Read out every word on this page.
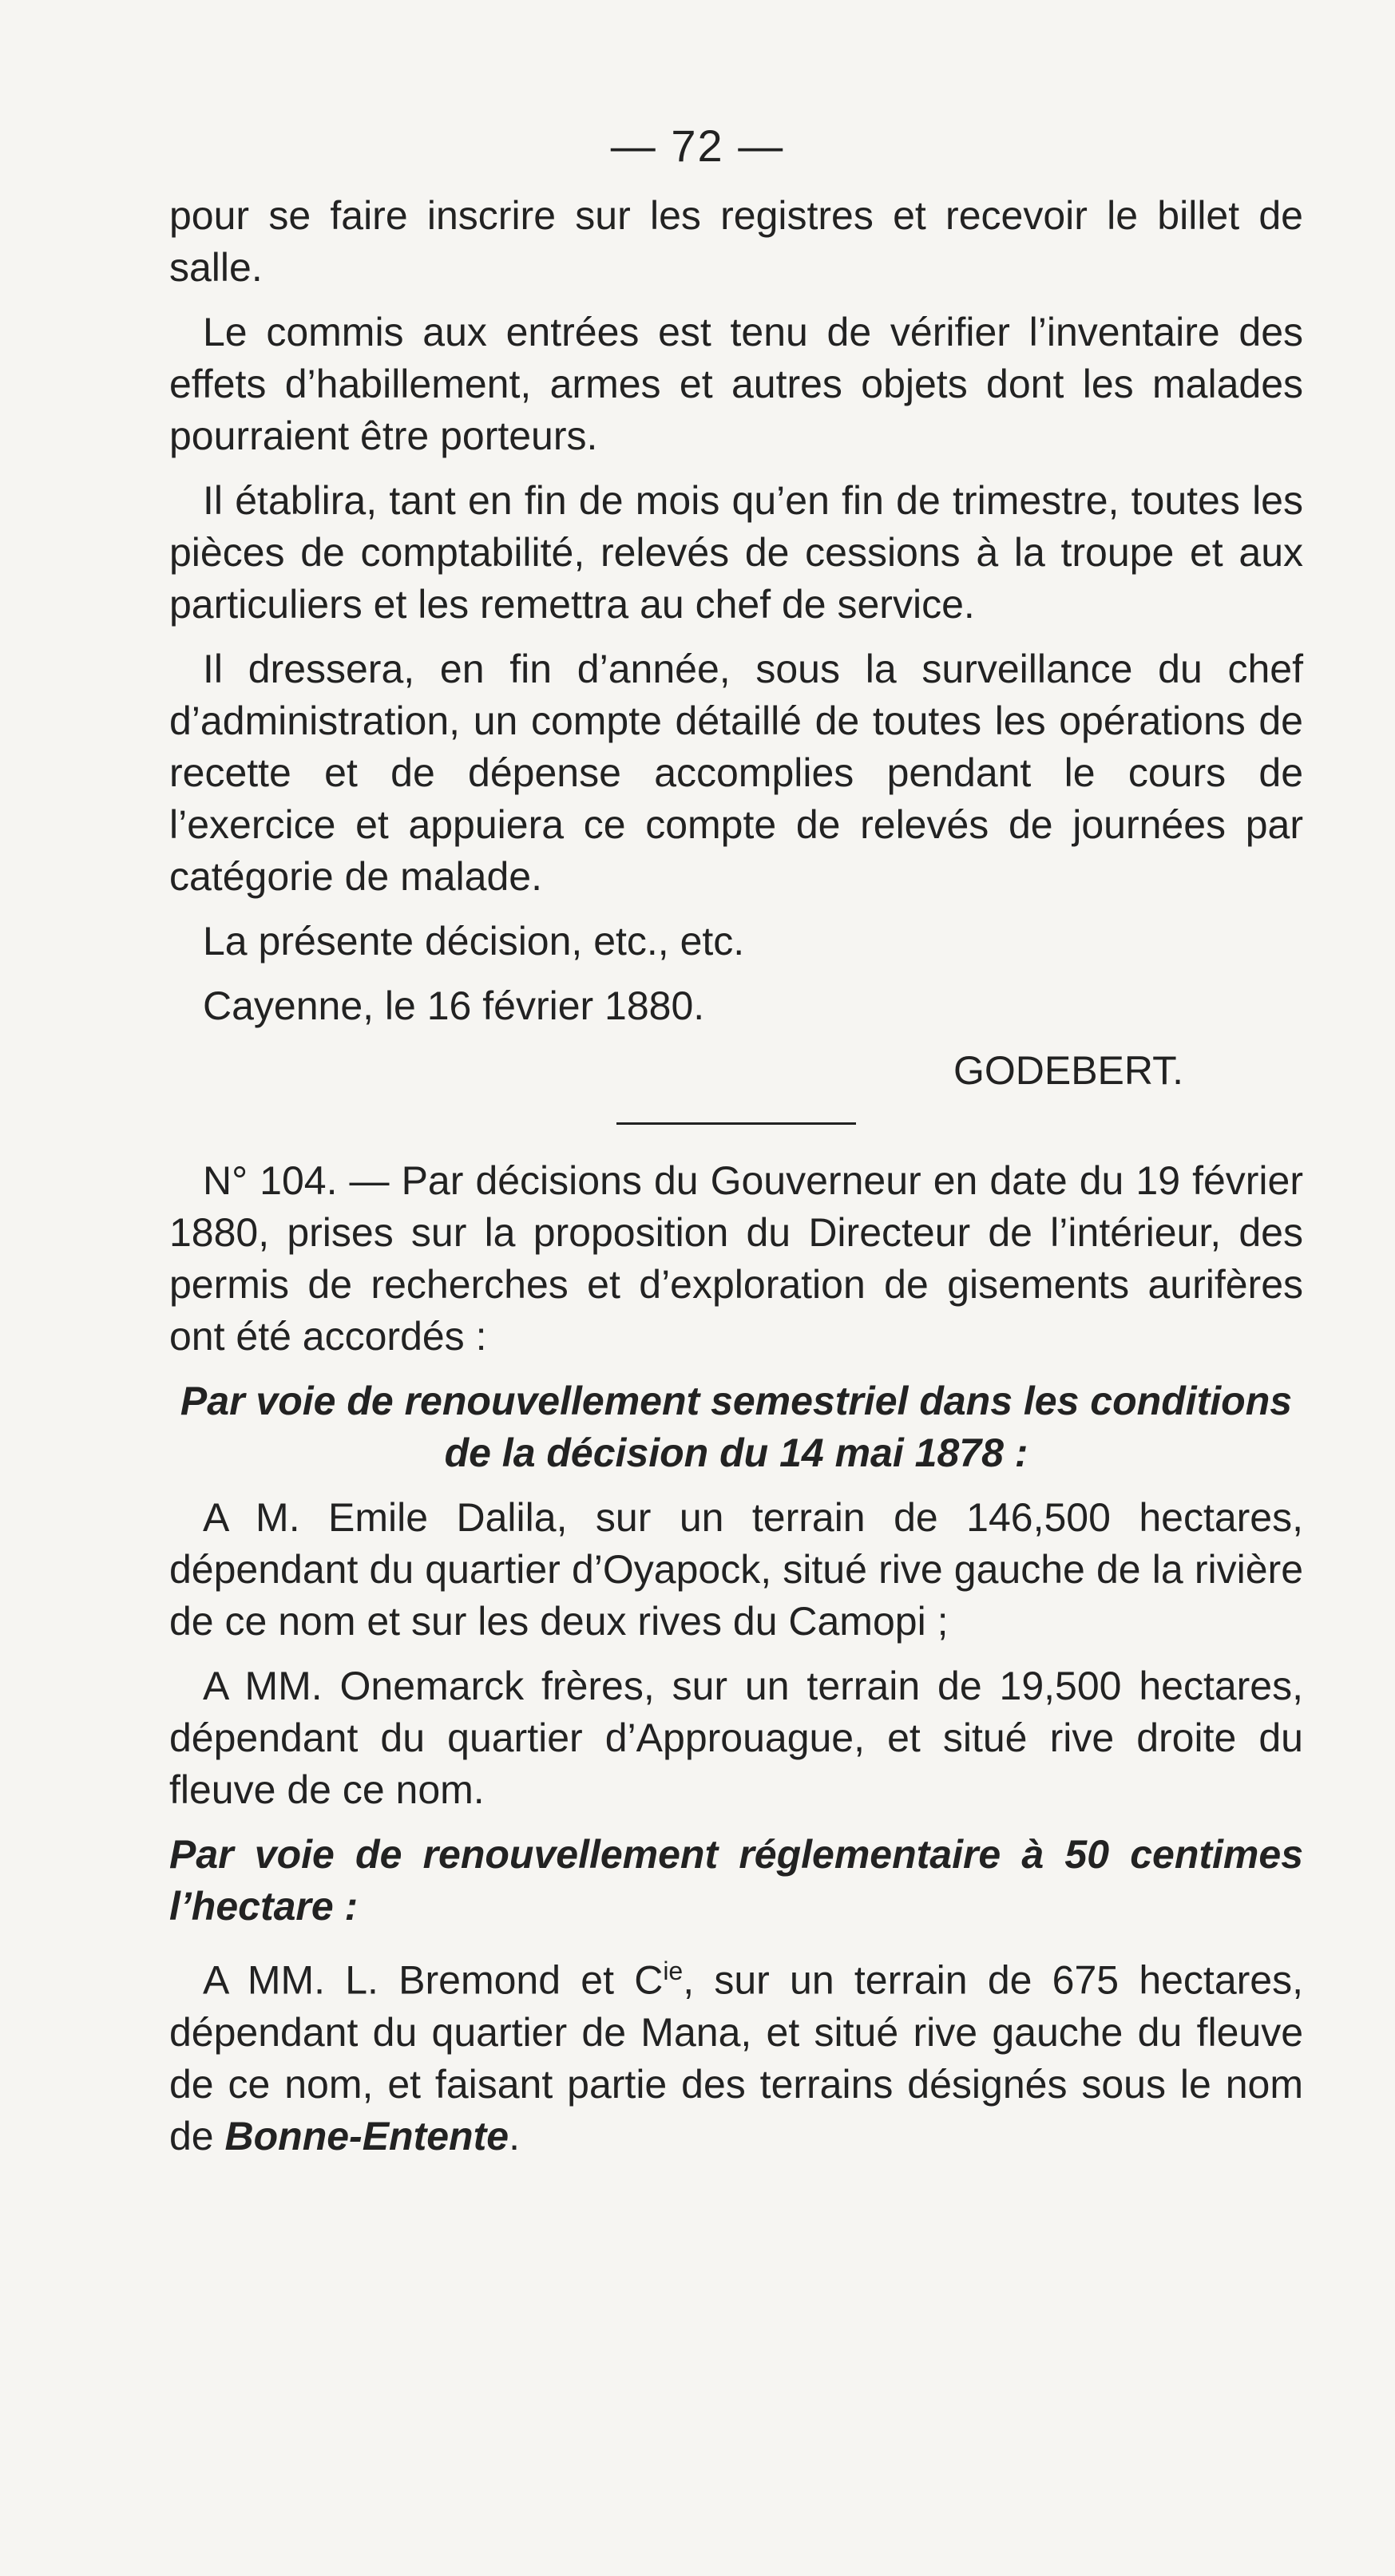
— 72 —

pour se faire inscrire sur les registres et recevoir le billet de salle.

Le commis aux entrées est tenu de vérifier l’inventaire des effets d’habillement, armes et autres objets dont les malades pourraient être porteurs.

Il établira, tant en fin de mois qu’en fin de trimestre, toutes les pièces de comptabilité, relevés de cessions à la troupe et aux particuliers et les remettra au chef de service.

Il dressera, en fin d’année, sous la surveillance du chef d’administration, un compte détaillé de toutes les opérations de recette et de dépense accomplies pendant le cours de l’exercice et appuiera ce compte de relevés de journées par catégorie de malade.

La présente décision, etc., etc.

Cayenne, le 16 février 1880.

GODEBERT.

N° 104. — Par décisions du Gouverneur en date du 19 février 1880, prises sur la proposition du Directeur de l’intérieur, des permis de recherches et d’exploration de gisements aurifères ont été accordés :

Par voie de renouvellement semestriel dans les conditions de la décision du 14 mai 1878 :

A M. Emile Dalila, sur un terrain de 146,500 hectares, dépendant du quartier d’Oyapock, situé rive gauche de la rivière de ce nom et sur les deux rives du Camopi ;

A MM. Onemarck frères, sur un terrain de 19,500 hectares, dépendant du quartier d’Approuague, et situé rive droite du fleuve de ce nom.

Par voie de renouvellement réglementaire à 50 centimes l’hectare :

A MM. L. Bremond et $C^{ie}$, sur un terrain de 675 hectares, dépendant du quartier de Mana, et situé rive gauche du fleuve de ce nom, et faisant partie des terrains désignés sous le nom de Bonne-Entente.
